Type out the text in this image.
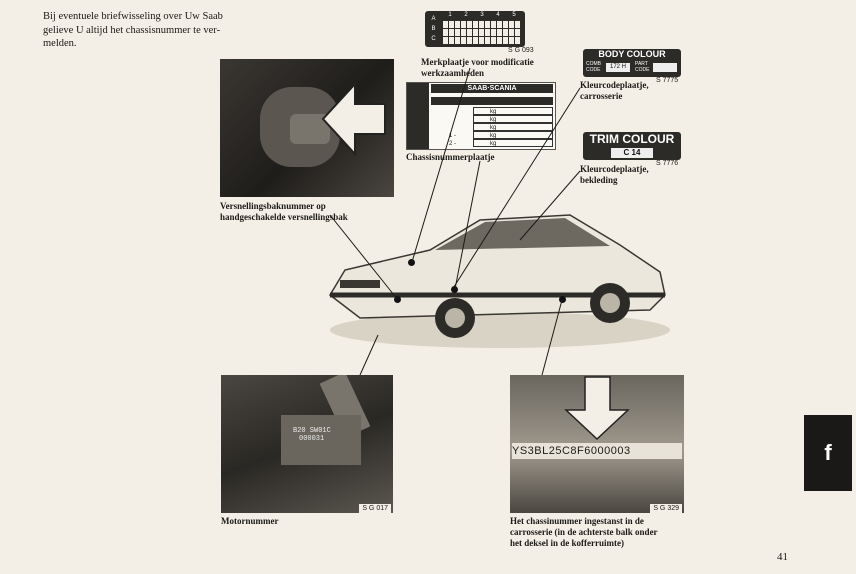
Bij eventuele briefwisseling over Uw Saab
gelieve U altijd het chassisnummer te ver-
melden.
A
B
C
1 2 3 4 5
S G 093
Merkplaatje voor modificatie
werkzaamheden
SAAB·SCANIA
kg
kg
kg
kg
kg
1 -
2 -
Chassisnummerplaatje
BODY COLOUR
COMB
CODE	172 H	PART
CODE
S 7775
Kleurcodeplaatje,
carrosserie
TRIM COLOUR
C 14
S 7776
Kleurcodeplaatje,
bekleding
Versnellingsbaknummer op
handgeschakelde versnellingsbak
B20 SW01C
000031
S G 017
Motornummer
YS3BL25C8F6000003
S G 329
Het chassinummer ingestanst in de
carrosserie (in de achterste balk onder
het deksel in de kofferruimte)
f
41
